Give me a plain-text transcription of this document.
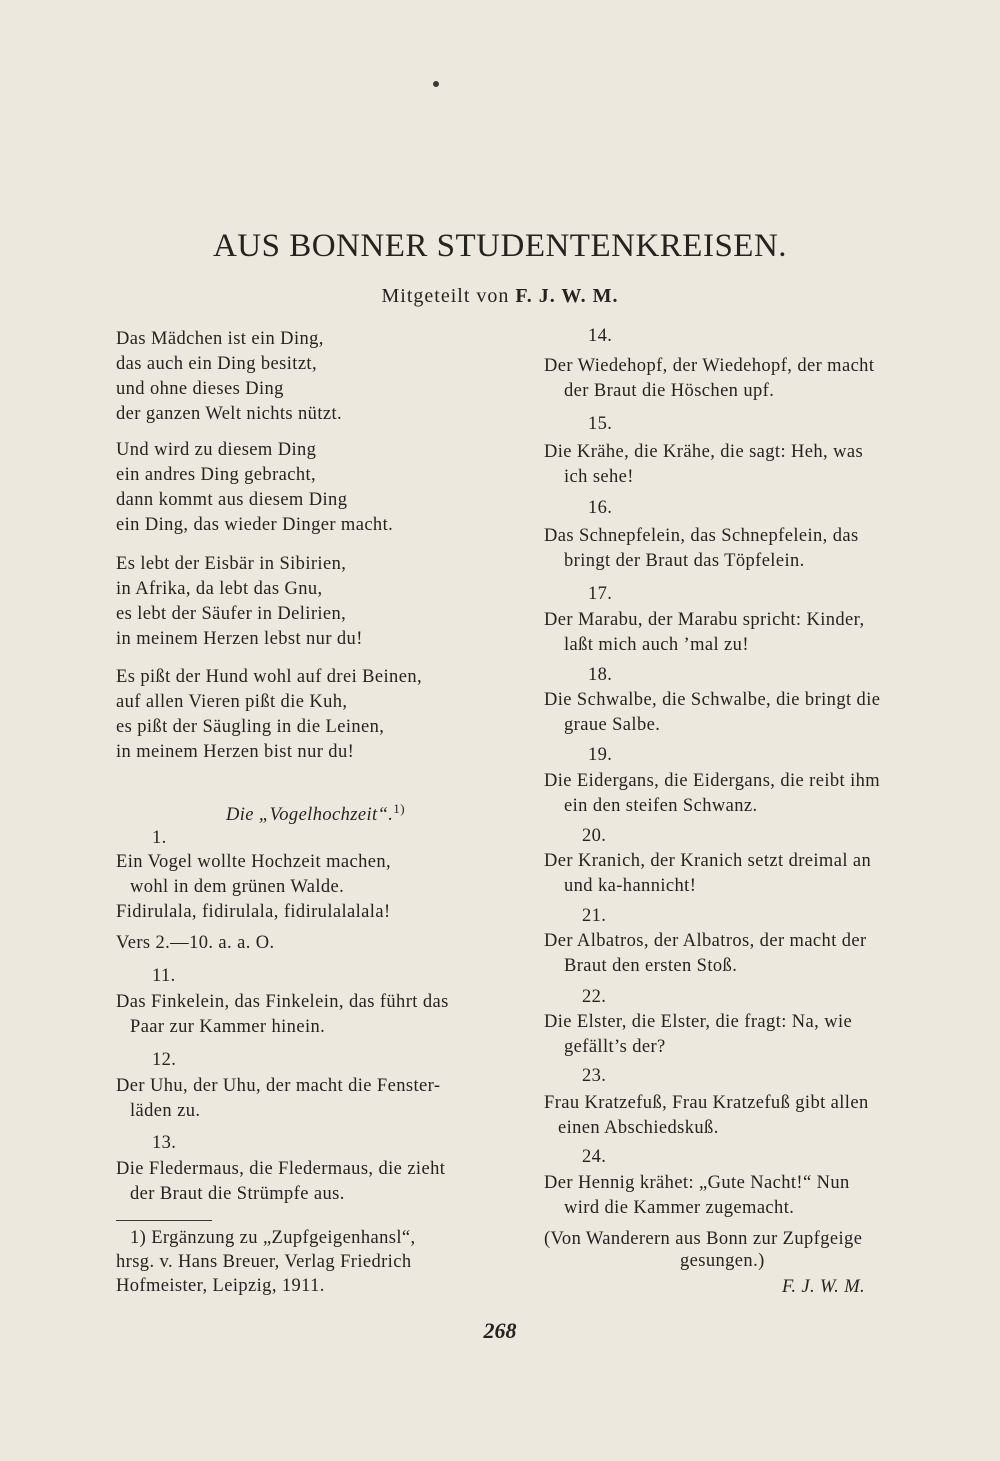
AUS BONNER STUDENTENKREISEN.
Mitgeteilt von F. J. W. M.
Das Mädchen ist ein Ding,
das auch ein Ding besitzt,
und ohne dieses Ding
der ganzen Welt nichts nützt.
Und wird zu diesem Ding
ein andres Ding gebracht,
dann kommt aus diesem Ding
ein Ding, das wieder Dinger macht.
Es lebt der Eisbär in Sibirien,
in Afrika, da lebt das Gnu,
es lebt der Säufer in Delirien,
in meinem Herzen lebst nur du!
Es pißt der Hund wohl auf drei Beinen,
auf allen Vieren pißt die Kuh,
es pißt der Säugling in die Leinen,
in meinem Herzen bist nur du!
Die „Vogelhochzeit“.$^{1)}$
1.
Ein Vogel wollte Hochzeit machen,
wohl in dem grünen Walde.
Fidirulala, fidirulala, fidirulalalala!
Vers 2.—10. a. a. O.
11.
Das Finkelein, das Finkelein, das führt das
Paar zur Kammer hinein.
12.
Der Uhu, der Uhu, der macht die Fenster-
läden zu.
13.
Die Fledermaus, die Fledermaus, die zieht
der Braut die Strümpfe aus.
1) Ergänzung zu „Zupfgeigenhansl“,
hrsg. v. Hans Breuer, Verlag Friedrich
Hofmeister, Leipzig, 1911.
14.
Der Wiedehopf, der Wiedehopf, der macht
der Braut die Höschen upf.
15.
Die Krähe, die Krähe, die sagt: Heh, was
ich sehe!
16.
Das Schnepfelein, das Schnepfelein, das
bringt der Braut das Töpfelein.
17.
Der Marabu, der Marabu spricht: Kinder,
laßt mich auch ’mal zu!
18.
Die Schwalbe, die Schwalbe, die bringt die
graue Salbe.
19.
Die Eidergans, die Eidergans, die reibt ihm
ein den steifen Schwanz.
20.
Der Kranich, der Kranich setzt dreimal an
und ka-hannicht!
21.
Der Albatros, der Albatros, der macht der
Braut den ersten Stoß.
22.
Die Elster, die Elster, die fragt: Na, wie
gefällt’s der?
23.
Frau Kratzefuß, Frau Kratzefuß gibt allen
einen Abschiedskuß.
24.
Der Hennig krähet: „Gute Nacht!“ Nun
wird die Kammer zugemacht.
(Von Wanderern aus Bonn zur Zupfgeige
gesungen.)
F. J. W. M.
268
